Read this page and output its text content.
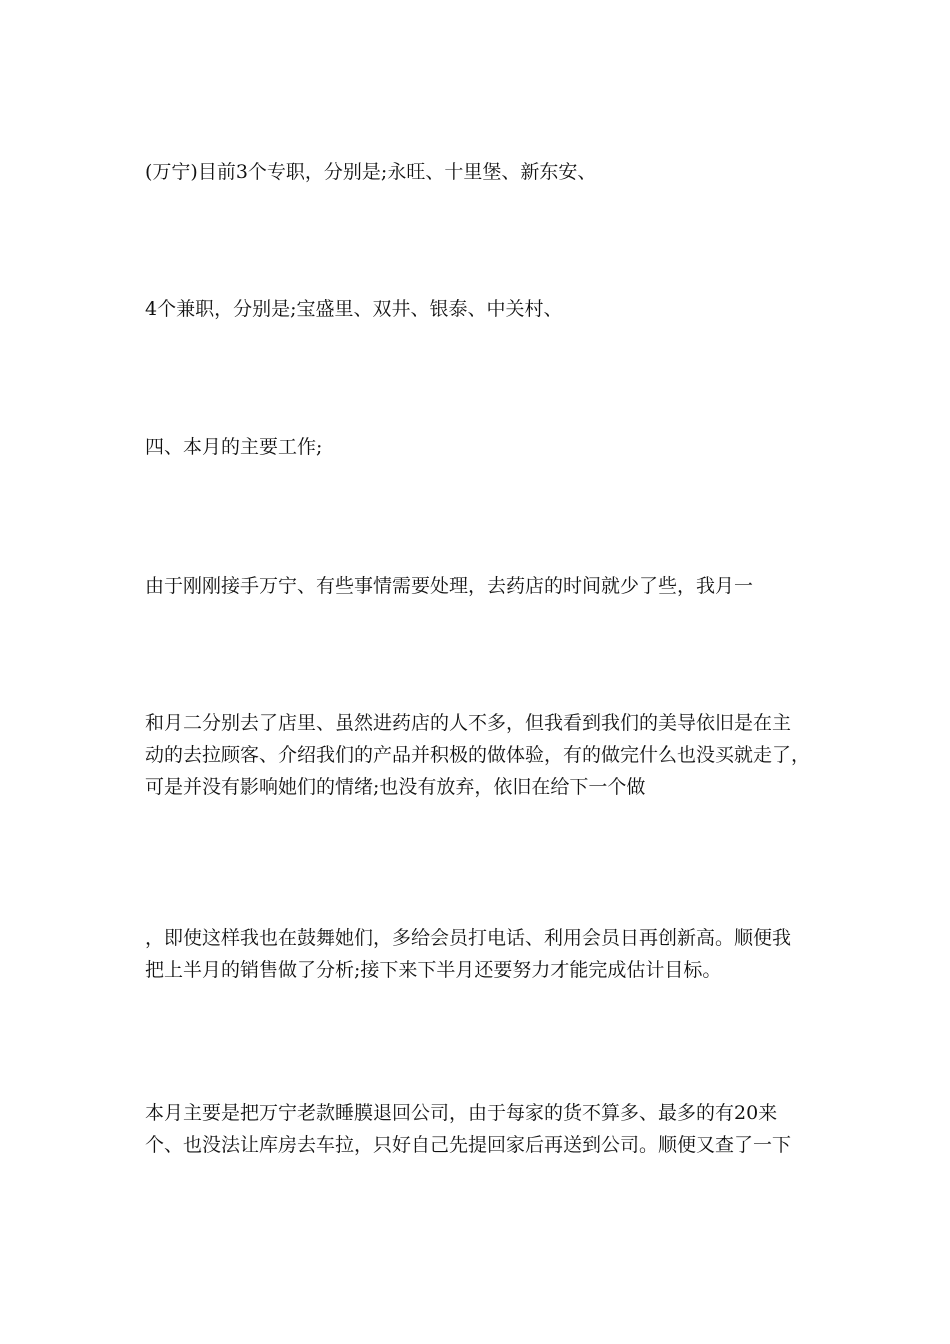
(万宁)目前3个专职，分别是;永旺、十里堡、新东安、

4个兼职，分别是;宝盛里、双井、银泰、中关村、

四、本月的主要工作;

由于刚刚接手万宁、有些事情需要处理，去药店的时间就少了些，我月一

和月二分别去了店里、虽然进药店的人不多，但我看到我们的美导依旧是在主
动的去拉顾客、介绍我们的产品并积极的做体验，有的做完什么也没买就走了，
可是并没有影响她们的情绪;也没有放弃，依旧在给下一个做

，即使这样我也在鼓舞她们，多给会员打电话、利用会员日再创新高。顺便我
把上半月的销售做了分析;接下来下半月还要努力才能完成估计目标。

本月主要是把万宁老款睡膜退回公司，由于每家的货不算多、最多的有20来
个、也没法让库房去车拉，只好自己先提回家后再送到公司。顺便又查了一下
